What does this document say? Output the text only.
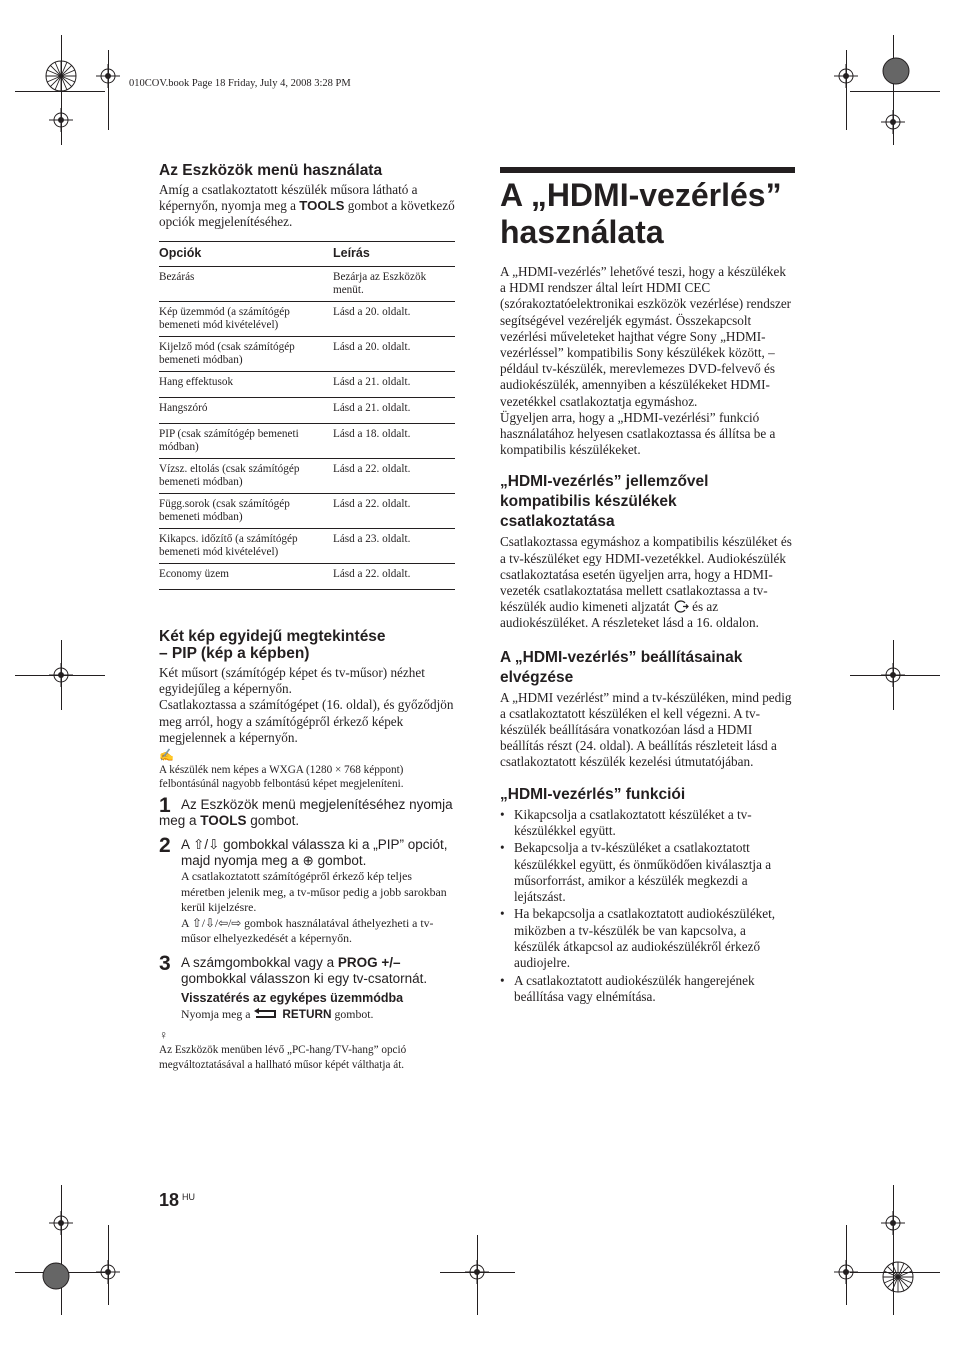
010COV.book Page 18 Friday, July 4, 2008 3:28 PM
Az Eszközök menü használata
Amíg a csatlakoztatott készülék műsora látható a képernyőn, nyomja meg a TOOLS gombot a következő opciók megjelenítéséhez.
Opciók	Leírás
Bezárás	Bezárja az Eszközök menüt.
Kép üzemmód (a számítógép bemeneti mód kivételével)	Lásd a 20. oldalt.
Kijelző mód (csak számítógép bemeneti módban)	Lásd a 20. oldalt.
Hang effektusok	Lásd a 21. oldalt.
Hangszóró	Lásd a 21. oldalt.
PIP (csak számítógép bemeneti módban)	Lásd a 18. oldalt.
Vízsz. eltolás (csak számítógép bemeneti módban)	Lásd a 22. oldalt.
Függ.sorok (csak számítógép bemeneti módban)	Lásd a 22. oldalt.
Kikapcs. időzítő (a számítógép bemeneti mód kivételével)	Lásd a 23. oldalt.
Economy üzem	Lásd a 22. oldalt.
Két kép egyidejű megtekintése
– PIP (kép a képben)
Két műsort (számítógép képet és tv-műsor) nézhet egyidejűleg a képernyőn.
Csatlakoztassa a számítógépet (16. oldal), és győződjön meg arról, hogy a számítógépről érkező képek megjelennek a képernyőn.
✍
A készülék nem képes a WXGA (1280 × 768 képpont) felbontásúnál nagyobb felbontású képet megjeleníteni.
1 Az Eszközök menü megjelenítéséhez nyomja meg a TOOLS gombot.
2 A ⇧/⇩ gombokkal válassza ki a „PIP” opciót, majd nyomja meg a ⊕ gombot.
A csatlakoztatott számítógépről érkező kép teljes méretben jelenik meg, a tv-műsor pedig a jobb sarokban kerül kijelzésre.
A ⇧/⇩/⇦/⇨ gombok használatával áthelyezheti a tv-műsor elhelyezkedését a képernyőn.
3 A számgombokkal vagy a PROG +/– gombokkal válasszon ki egy tv-csatornát.
Visszatérés az egyképes üzemmódba
Nyomja meg a  RETURN gombot.
♀
Az Eszközök menüben lévő „PC-hang/TV-hang” opció megváltoztatásával a hallható műsor képét válthatja át.
A „HDMI-vezérlés”
használata
A „HDMI-vezérlés” lehetővé teszi, hogy a készülékek a HDMI rendszer által leírt HDMI CEC (szórakoztatóelektronikai eszközök vezérlése) rendszer segítségével vezéreljék egymást. Összekapcsolt vezérlési műveleteket hajthat végre Sony „HDMI-vezérléssel” kompatibilis Sony készülékek között, – például tv-készülék, merevlemezes DVD-felvevő és audiokészülék, amennyiben a készülékeket HDMI-vezetékkel csatlakoztatja egymáshoz.
Ügyeljen arra, hogy a „HDMI-vezérlési” funkció használatához helyesen csatlakoztassa és állítsa be a kompatibilis készülékeket.
„HDMI-vezérlés” jellemzővel kompatibilis készülékek csatlakoztatása
Csatlakoztassa egymáshoz a kompatibilis készüléket és a tv-készüléket egy HDMI-vezetékkel. Audiokészülék csatlakoztatása esetén ügyeljen arra, hogy a HDMI-vezeték csatlakoztatása mellett csatlakoztassa a tv-készülék audio kimeneti aljzatát  és az audiokészüléket. A részleteket lásd a 16. oldalon.
A „HDMI-vezérlés” beállításainak elvégzése
A „HDMI vezérlést” mind a tv-készüléken, mind pedig a csatlakoztatott készüléken el kell végezni. A tv-készülék beállítására vonatkozóan lásd a HDMI beállítás részt (24. oldal). A beállítás részleteit lásd a csatlakoztatott készülék kezelési útmutatójában.
„HDMI-vezérlés” funkciói
• Kikapcsolja a csatlakoztatott készüléket a tv-készülékkel együtt.
• Bekapcsolja a tv-készüléket a csatlakoztatott készülékkel együtt, és önműködően kiválasztja a műsorforrást, amikor a készülék megkezdi a lejátszást.
• Ha bekapcsolja a csatlakoztatott audiokészüléket, miközben a tv-készülék be van kapcsolva, a készülék átkapcsol az audiokészülékről érkező audiojelre.
• A csatlakoztatott audiokészülék hangerejének beállítása vagy elnémítása.
18 $^{HU}$
